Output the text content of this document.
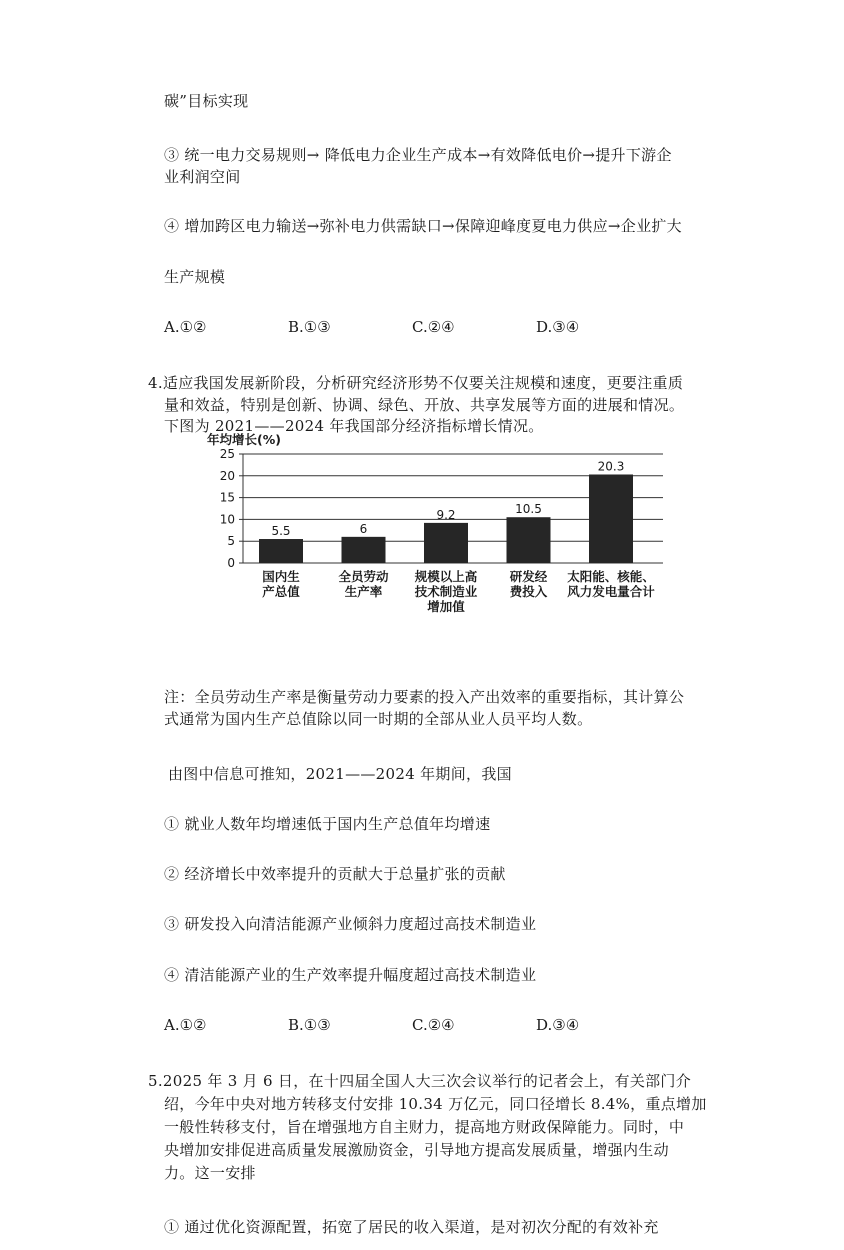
碳”目标实现
③ 统一电力交易规则→ 降低电力企业生产成本→有效降低电价→提升下游企
业利润空间
④ 增加跨区电力输送→弥补电力供需缺口→保障迎峰度夏电力供应→企业扩大
生产规模
A.①②	B.①③	C.②④	D.③④
4.适应我国发展新阶段，分析研究经济形势不仅要关注规模和速度，更要注重质
量和效益，特别是创新、协调、绿色、开放、共享发展等方面的进展和情况。
下图为 2021——2024 年我国部分经济指标增长情况。
年均增长(%)
0
5
10
15
20
25
5.5	6
9.2	10.5
20.3
国内生
产总值
全员劳动
生产率
规模以上高
技术制造业
增加值
研发经
费投入
太阳能、核能、
风力发电量合计
注：全员劳动生产率是衡量劳动力要素的投入产出效率的重要指标，其计算公
式通常为国内生产总值除以同一时期的全部从业人员平均人数。
由图中信息可推知，2021——2024 年期间，我国
① 就业人数年均增速低于国内生产总值年均增速
② 经济增长中效率提升的贡献大于总量扩张的贡献
③ 研发投入向清洁能源产业倾斜力度超过高技术制造业
④ 清洁能源产业的生产效率提升幅度超过高技术制造业
A.①②	B.①③	C.②④	D.③④
5.2025 年 3 月 6 日，在十四届全国人大三次会议举行的记者会上，有关部门介
绍，今年中央对地方转移支付安排 10.34 万亿元，同口径增长 8.4%，重点增加
一般性转移支付，旨在增强地方自主财力，提高地方财政保障能力。同时，中
央增加安排促进高质量发展激励资金，引导地方提高发展质量，增强内生动
力。这一安排
① 通过优化资源配置，拓宽了居民的收入渠道，是对初次分配的有效补充
